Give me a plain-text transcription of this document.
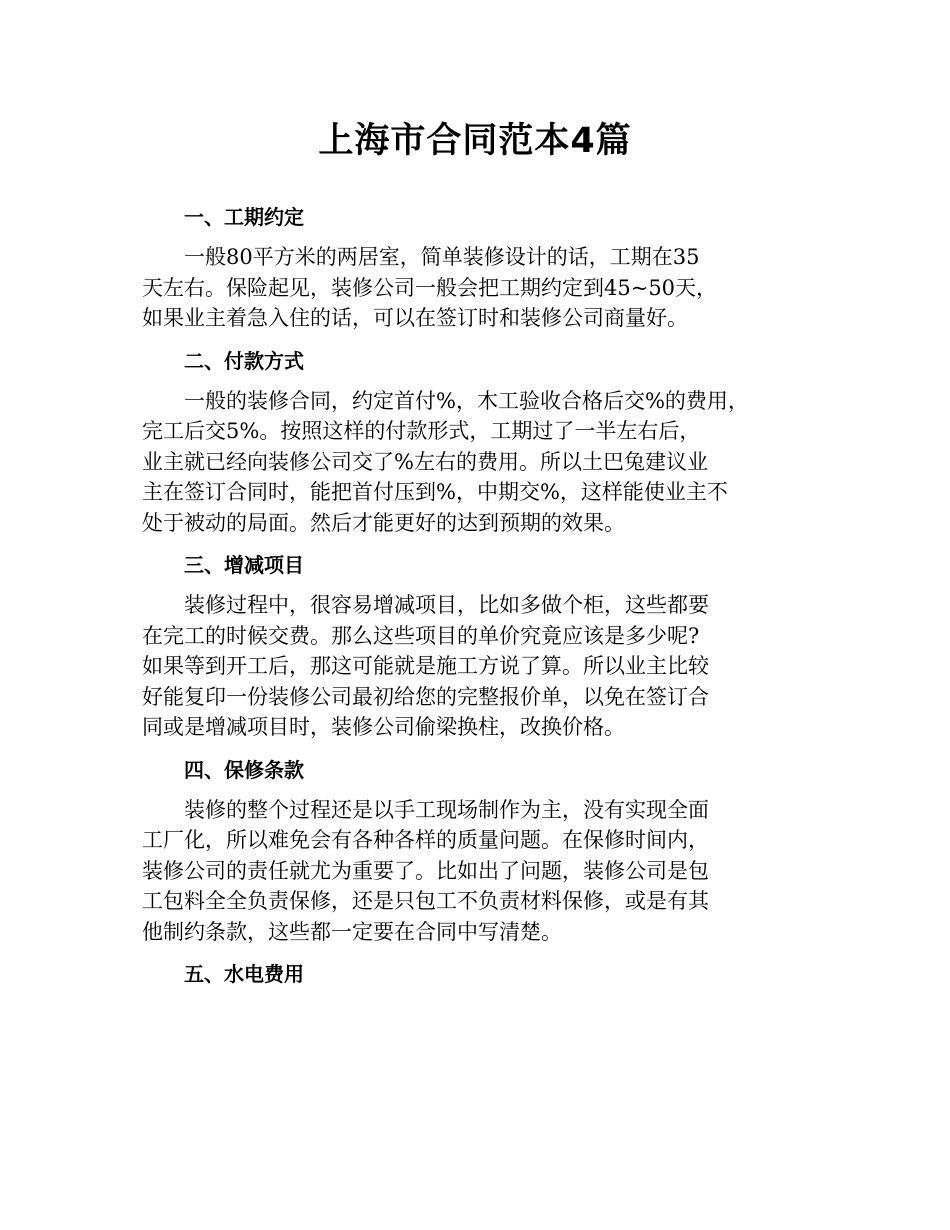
上海市合同范本4篇
一、工期约定

一般80平方米的两居室，简单装修设计的话，工期在35
天左右。保险起见，装修公司一般会把工期约定到45~50天，
如果业主着急入住的话，可以在签订时和装修公司商量好。

二、付款方式

一般的装修合同，约定首付%，木工验收合格后交%的费用，
完工后交5%。按照这样的付款形式，工期过了一半左右后，
业主就已经向装修公司交了%左右的费用。所以土巴兔建议业
主在签订合同时，能把首付压到%，中期交%，这样能使业主不
处于被动的局面。然后才能更好的达到预期的效果。

三、增减项目

装修过程中，很容易增减项目，比如多做个柜，这些都要
在完工的时候交费。那么这些项目的单价究竟应该是多少呢?
如果等到开工后，那这可能就是施工方说了算。所以业主比较
好能复印一份装修公司最初给您的完整报价单，以免在签订合
同或是增减项目时，装修公司偷梁换柱，改换价格。

四、保修条款

装修的整个过程还是以手工现场制作为主，没有实现全面
工厂化，所以难免会有各种各样的质量问题。在保修时间内，
装修公司的责任就尤为重要了。比如出了问题，装修公司是包
工包料全全负责保修，还是只包工不负责材料保修，或是有其
他制约条款，这些都一定要在合同中写清楚。

五、水电费用
